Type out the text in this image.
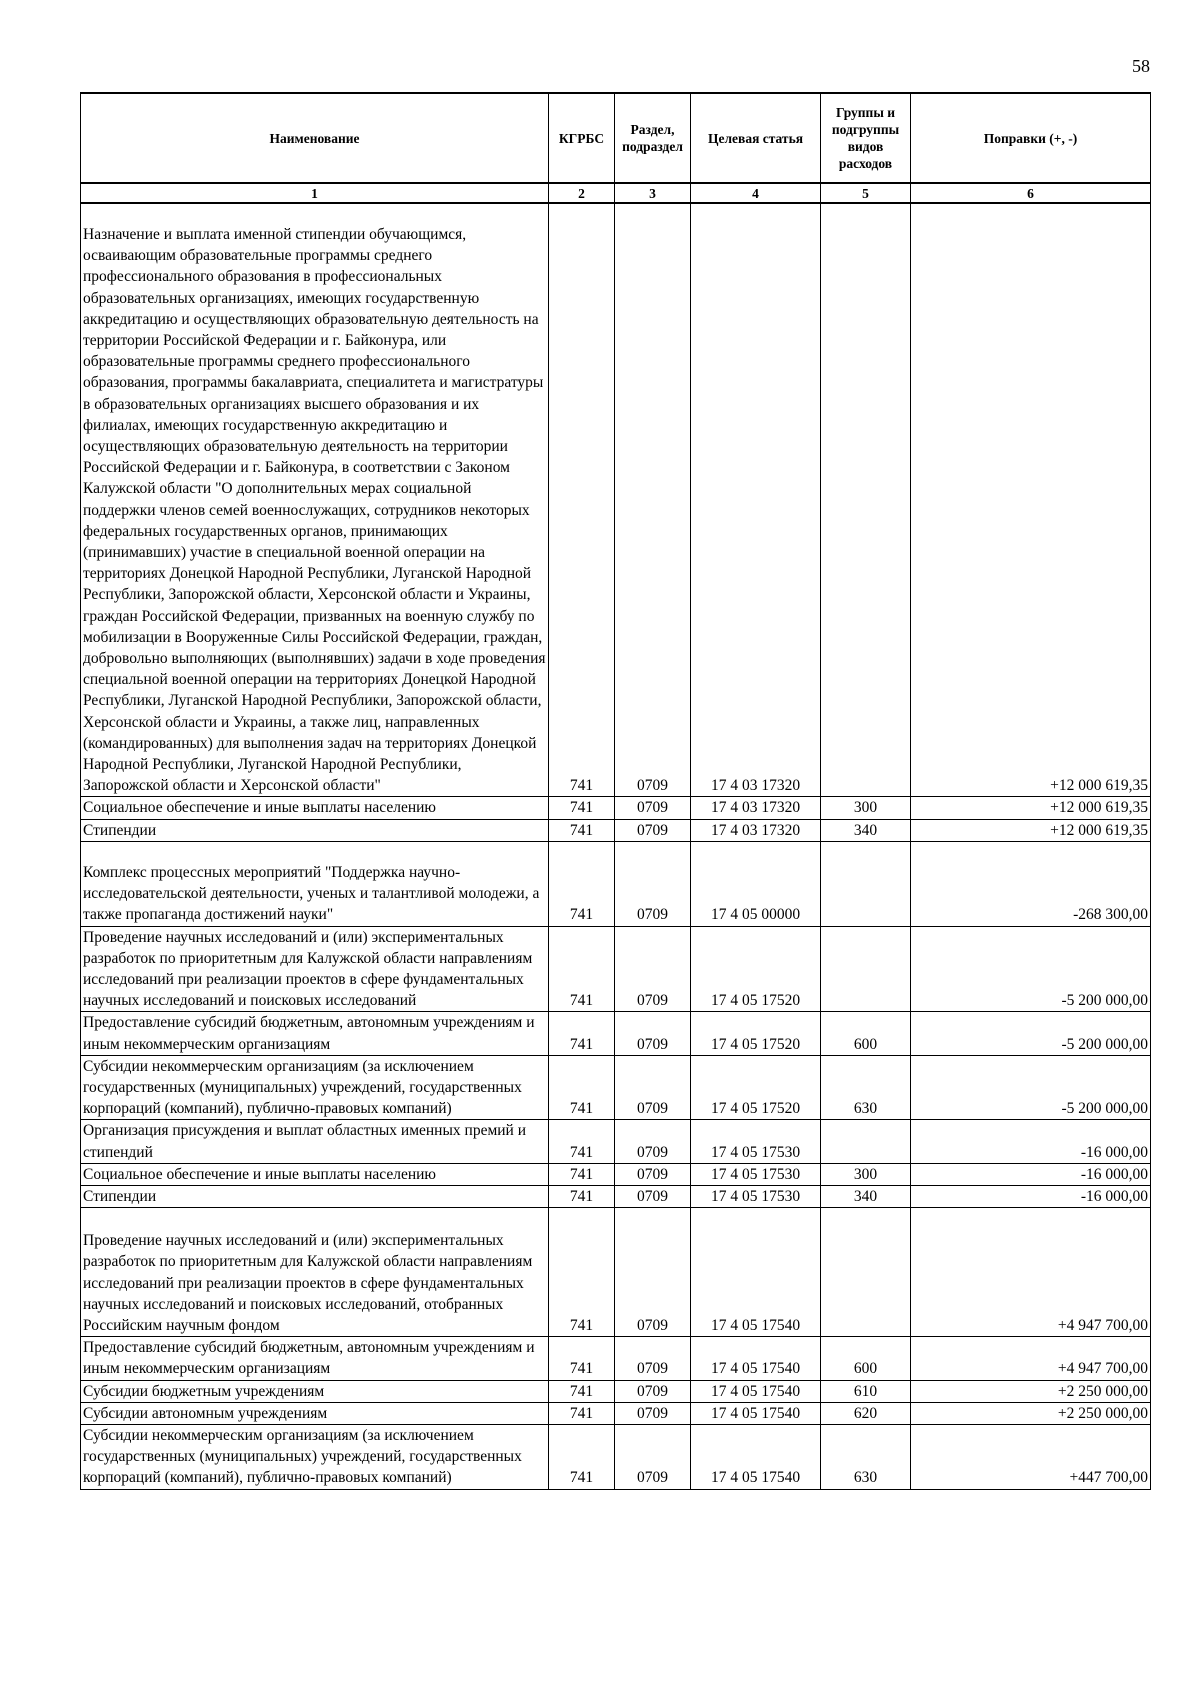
58
Наименование	КГРБС	Раздел, подраздел	Целевая статья	Группы и подгруппы видов расходов	Поправки (+, -)
1	2	3	4	5	6
Назначение и выплата именной стипендии обучающимся, осваивающим образовательные программы среднего профессионального образования в профессиональных образовательных организациях, имеющих государственную аккредитацию и осуществляющих образовательную деятельность на территории Российской Федерации и г. Байконура, или образовательные программы среднего профессионального образования, программы бакалавриата, специалитета и магистратуры в образовательных организациях высшего образования и их филиалах, имеющих государственную аккредитацию и осуществляющих образовательную деятельность на территории Российской Федерации и г. Байконура, в соответствии с Законом Калужской области "О дополнительных мерах социальной поддержки членов семей военнослужащих, сотрудников некоторых федеральных государственных органов, принимающих (принимавших) участие в специальной военной операции на территориях Донецкой Народной Республики, Луганской Народной Республики, Запорожской области, Херсонской области и Украины, граждан Российской Федерации, призванных на военную службу по мобилизации в Вооруженные Силы Российской Федерации, граждан, добровольно выполняющих (выполнявших) задачи в ходе проведения специальной военной операции на территориях Донецкой Народной Республики, Луганской Народной Республики, Запорожской области, Херсонской области и Украины, а также лиц, направленных (командированных) для выполнения задач на территориях Донецкой Народной Республики, Луганской Народной Республики, Запорожской области и Херсонской области"	741	0709	17 4 03 17320		+12 000 619,35
Социальное обеспечение и иные выплаты населению	741	0709	17 4 03 17320	300	+12 000 619,35
Стипендии	741	0709	17 4 03 17320	340	+12 000 619,35
Комплекс процессных мероприятий "Поддержка научно-исследовательской деятельности, ученых и талантливой молодежи, а также пропаганда достижений науки"	741	0709	17 4 05 00000		-268 300,00
Проведение научных исследований и (или) экспериментальных разработок по приоритетным для Калужской области направлениям исследований при реализации проектов в сфере фундаментальных научных исследований и поисковых исследований	741	0709	17 4 05 17520		-5 200 000,00
Предоставление субсидий бюджетным, автономным учреждениям и иным некоммерческим организациям	741	0709	17 4 05 17520	600	-5 200 000,00
Субсидии некоммерческим организациям (за исключением государственных (муниципальных) учреждений, государственных корпораций (компаний), публично-правовых компаний)	741	0709	17 4 05 17520	630	-5 200 000,00
Организация присуждения и выплат областных именных премий и стипендий	741	0709	17 4 05 17530		-16 000,00
Социальное обеспечение и иные выплаты населению	741	0709	17 4 05 17530	300	-16 000,00
Стипендии	741	0709	17 4 05 17530	340	-16 000,00
Проведение научных исследований и (или) экспериментальных разработок по приоритетным для Калужской области направлениям исследований при реализации проектов в сфере фундаментальных научных исследований и поисковых исследований, отобранных Российским научным фондом	741	0709	17 4 05 17540		+4 947 700,00
Предоставление субсидий бюджетным, автономным учреждениям и иным некоммерческим организациям	741	0709	17 4 05 17540	600	+4 947 700,00
Субсидии бюджетным учреждениям	741	0709	17 4 05 17540	610	+2 250 000,00
Субсидии автономным учреждениям	741	0709	17 4 05 17540	620	+2 250 000,00
Субсидии некоммерческим организациям (за исключением государственных (муниципальных) учреждений, государственных корпораций (компаний), публично-правовых компаний)	741	0709	17 4 05 17540	630	+447 700,00
